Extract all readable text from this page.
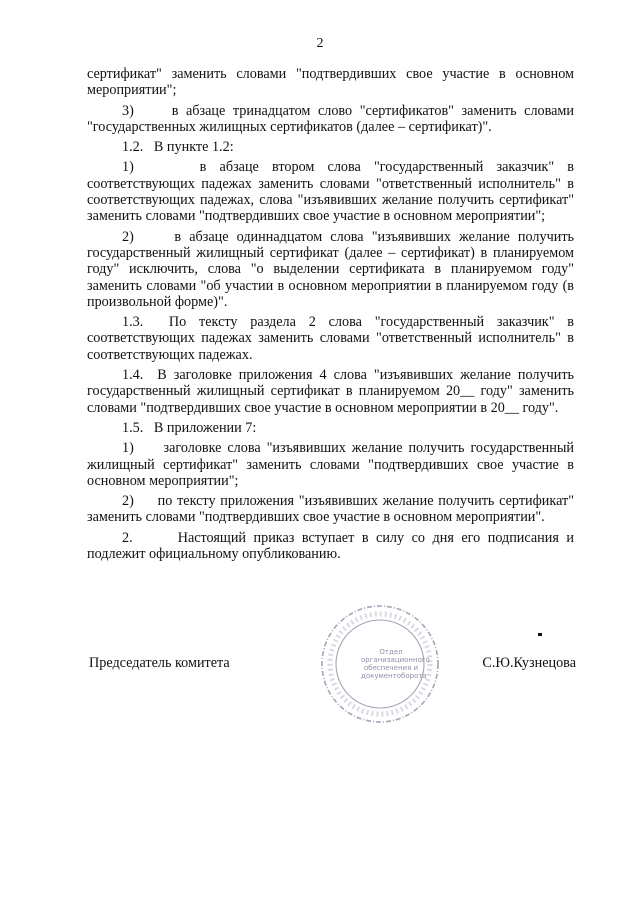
2

сертификат" заменить словами "подтвердивших свое участие в основном мероприятии";

3)     в абзаце тринадцатом слово "сертификатов" заменить словами "государственных жилищных сертификатов (далее – сертификат)".

1.2.   В пункте 1.2:

1)     в абзаце втором слова "государственный заказчик" в соответствующих падежах заменить словами "ответственный исполнитель" в соответствующих падежах, слова "изъявивших желание получить сертификат" заменить словами "подтвердивших свое участие в основном мероприятии";

2)     в абзаце одиннадцатом слова "изъявивших желание получить государственный жилищный сертификат (далее – сертификат) в планируемом году" исключить, слова "о выделении сертификата в планируемом году" заменить словами "об участии в основном мероприятии в планируемом году (в произвольной форме)".

1.3.  По тексту раздела 2 слова "государственный заказчик" в соответствующих падежах заменить словами "ответственный исполнитель" в соответствующих падежах.

1.4.  В заголовке приложения 4 слова "изъявивших желание получить государственный жилищный сертификат в планируемом 20__ году" заменить словами "подтвердивших свое участие в основном мероприятии в 20__ году".

1.5.   В приложении 7:

1)     заголовке слова "изъявивших желание получить государственный жилищный сертификат" заменить словами "подтвердивших свое участие в основном мероприятии";

2)     по тексту приложения "изъявивших желание получить сертификат" заменить словами "подтвердивших свое участие в основном мероприятии".

2.      Настоящий приказ вступает в силу со дня его подписания и подлежит официальному опубликованию.

Отдел организационного обеспечения и документоборота
Председатель комитета	С.Ю.Кузнецова
